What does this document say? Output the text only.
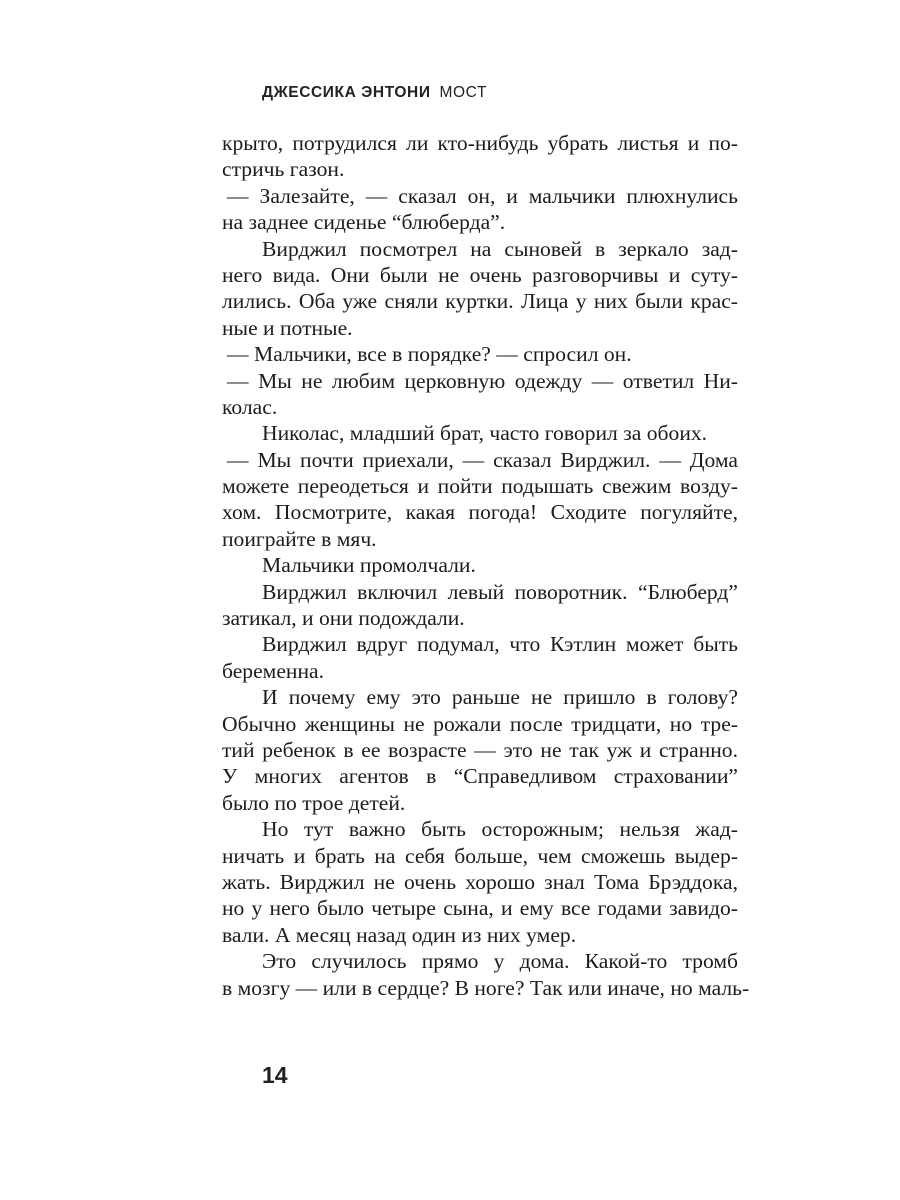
ДЖЕССИКА ЭНТОНИ МОСТ
крыто, потрудился ли кто-нибудь убрать листья и по-
стричь газон.
— Залезайте, — сказал он, и мальчики плюхнулись
на заднее сиденье “блюберда”.
Вирджил посмотрел на сыновей в зеркало зад-
него вида. Они были не очень разговорчивы и суту-
лились. Оба уже сняли куртки. Лица у них были крас-
ные и потные.
— Мальчики, все в порядке? — спросил он.
— Мы не любим церковную одежду — ответил Ни-
колас.
Николас, младший брат, часто говорил за обоих.
— Мы почти приехали, — сказал Вирджил. — Дома
можете переодеться и пойти подышать свежим возду-
хом. Посмотрите, какая погода! Сходите погуляйте,
поиграйте в мяч.
Мальчики промолчали.
Вирджил включил левый поворотник. “Блюберд”
затикал, и они подождали.
Вирджил вдруг подумал, что Кэтлин может быть
беременна.
И почему ему это раньше не пришло в голову?
Обычно женщины не рожали после тридцати, но тре-
тий ребенок в ее возрасте — это не так уж и странно.
У многих агентов в “Справедливом страховании”
было по трое детей.
Но тут важно быть осторожным; нельзя жад-
ничать и брать на себя больше, чем сможешь выдер-
жать. Вирджил не очень хорошо знал Тома Брэддока,
но у него было четыре сына, и ему все годами завидо-
вали. А месяц назад один из них умер.
Это случилось прямо у дома. Какой-то тромб
в мозгу — или в сердце? В ноге? Так или иначе, но маль-
14
